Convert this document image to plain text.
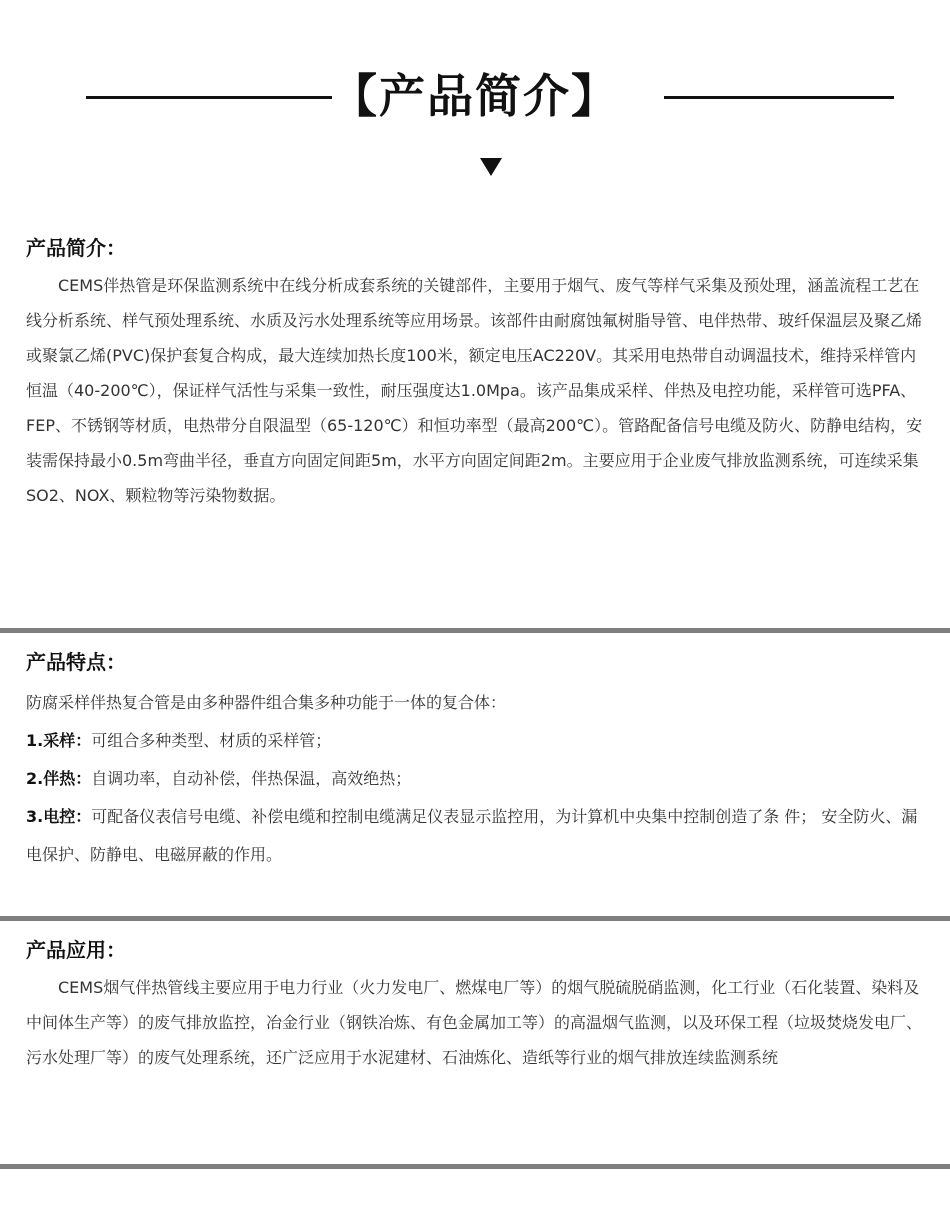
【产品简介】
产品简介：

CEMS伴热管是环保监测系统中在线分析成套系统的关键部件，主要用于烟气、废气等样气采集及预处理，涵盖流程工艺在线分析系统、样气预处理系统、水质及污水处理系统等应用场景。该部件由耐腐蚀氟树脂导管、电伴热带、玻纤保温层及聚乙烯或聚氯乙烯(PVC)保护套复合构成，最大连续加热长度100米，额定电压AC220V。其采用电热带自动调温技术，维持采样管内恒温（40-200℃），保证样气活性与采集一致性，耐压强度达1.0Mpa。该产品集成采样、伴热及电控功能，采样管可选PFA、FEP、不锈钢等材质，电热带分自限温型（65-120℃）和恒功率型（最高200℃）。管路配备信号电缆及防火、防静电结构，安装需保持最小0.5m弯曲半径，垂直方向固定间距5m，水平方向固定间距2m。主要应用于企业废气排放监测系统，可连续采集SO2、NOX、颗粒物等污染物数据。

产品特点：
防腐采样伴热复合管是由多种器件组合集多种功能于一体的复合体：
1.采样：可组合多种类型、材质的采样管；
2.伴热：自调功率，自动补偿，伴热保温，高效绝热；
3.电控：可配备仪表信号电缆、补偿电缆和控制电缆满足仪表显示监控用，为计算机中央集中控制创造了条 件； 安全防火、漏电保护、防静电、电磁屏蔽的作用。
产品应用：

CEMS烟气伴热管线主要应用于电力行业（火力发电厂、燃煤电厂等）的烟气脱硫脱硝监测，化工行业（石化装置、染料及中间体生产等）的废气排放监控，冶金行业（钢铁冶炼、有色金属加工等）的高温烟气监测，以及环保工程（垃圾焚烧发电厂、污水处理厂等）的废气处理系统，还广泛应用于水泥建材、石油炼化、造纸等行业的烟气排放连续监测系统
